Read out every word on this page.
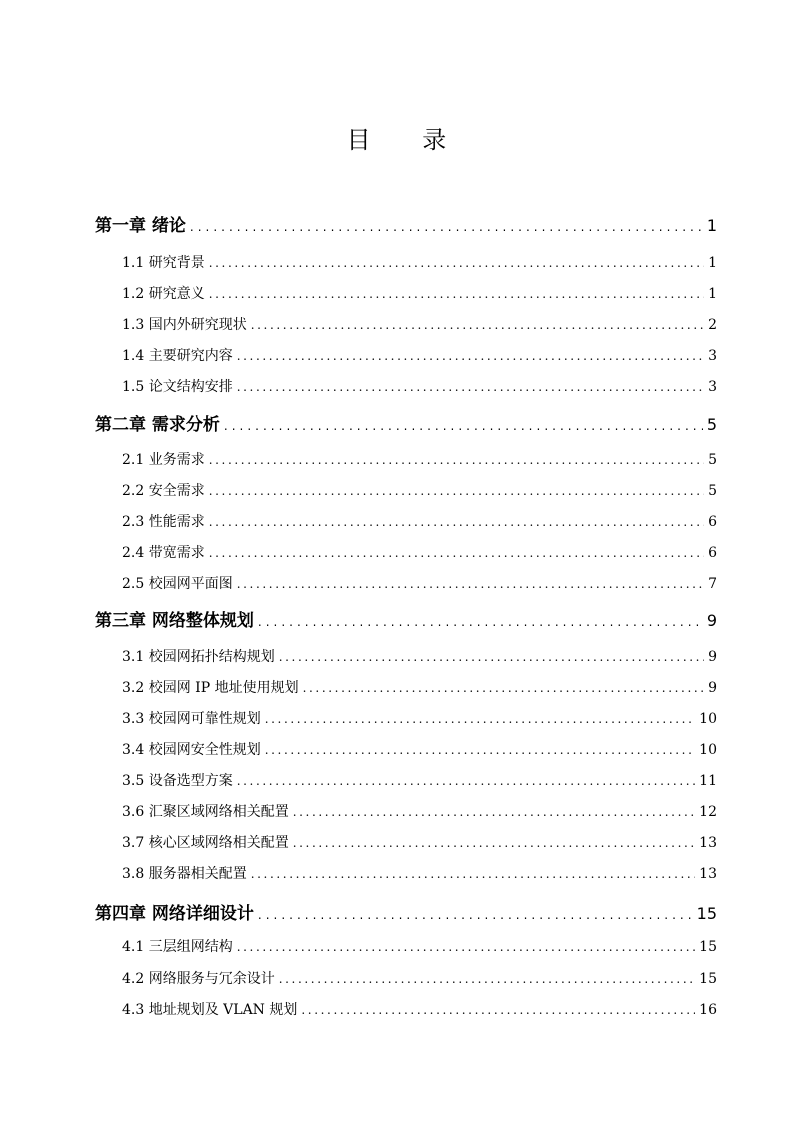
目 录
第一章 绪论 .....	1
1.1 研究背景 .....	1
1.2 研究意义 .....	1
1.3 国内外研究现状 .....	2
1.4 主要研究内容 .....	3
1.5 论文结构安排 .....	3
第二章 需求分析 .....	5
2.1 业务需求 .....	5
2.2 安全需求 .....	5
2.3 性能需求 .....	6
2.4 带宽需求 .....	6
2.5 校园网平面图 .....	7
第三章 网络整体规划 .....	9
3.1 校园网拓扑结构规划 .....	9
3.2 校园网 IP 地址使用规划 .....	9
3.3 校园网可靠性规划 .....	10
3.4 校园网安全性规划 .....	10
3.5 设备选型方案 .....	11
3.6 汇聚区域网络相关配置 .....	12
3.7 核心区域网络相关配置 .....	13
3.8 服务器相关配置 .....	13
第四章 网络详细设计 .....	15
4.1 三层组网结构 .....	15
4.2 网络服务与冗余设计 .....	15
4.3 地址规划及 VLAN 规划 .....	16
